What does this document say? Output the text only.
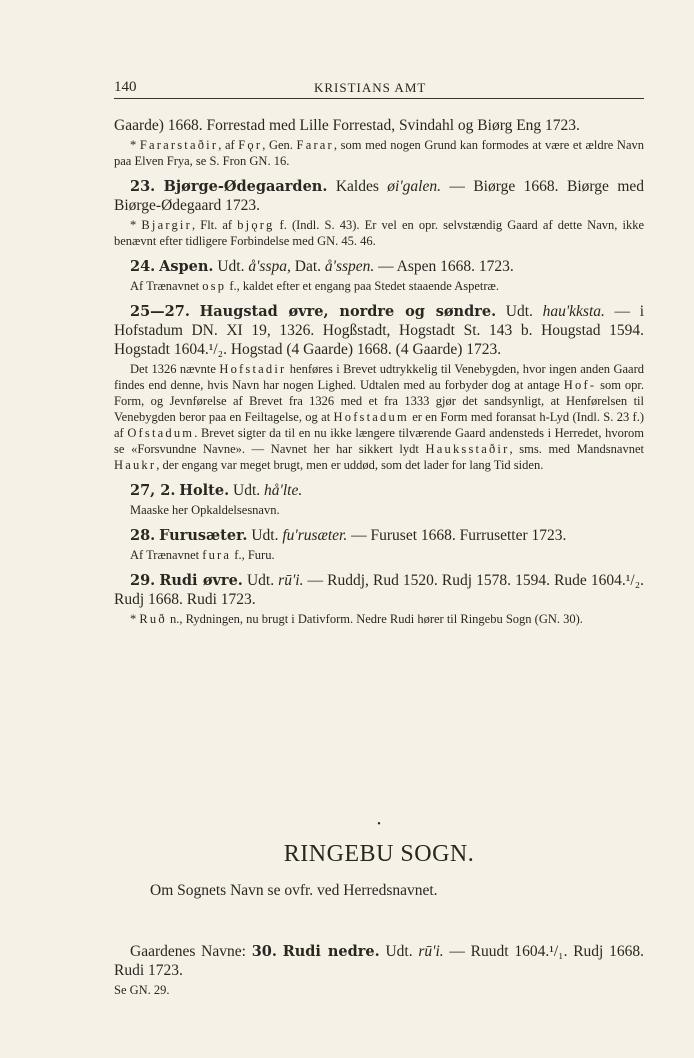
140	KRISTIANS AMT

Gaarde) 1668. Forrestad med Lille Forrestad, Svindahl og Biørg Eng 1723.

* Fararstaðir, af Fǫr, Gen. Farar, som med nogen Grund kan formodes at være et ældre Navn paa Elven Frya, se S. Fron GN. 16.

23. Bjørge-Ødegaarden. Kaldes øi'galen. — Biørge 1668. Biørge med Biørge-Ødegaard 1723.

* Bjargir, Flt. af bjǫrg f. (Indl. S. 43). Er vel en opr. selvstændig Gaard af dette Navn, ikke benævnt efter tidligere Forbindelse med GN. 45. 46.

24. Aspen. Udt. å'sspa, Dat. å'sspen. — Aspen 1668. 1723.

Af Trænavnet osp f., kaldet efter et engang paa Stedet staaende Aspetræ.

25—27. Haugstad øvre, nordre og søndre. Udt. hau'kksta. — i Hofstadum DN. XI 19, 1326. Hogßstadt, Hogstadt St. 143 b. Hougstad 1594. Hogstadt 1604.¹/₂. Hogstad (4 Gaarde) 1668. (4 Gaarde) 1723.

Det 1326 nævnte Hofstadir henføres i Brevet udtrykkelig til Venebygden, hvor ingen anden Gaard findes end denne, hvis Navn har nogen Lighed. Udtalen med au forbyder dog at antage Hof- som opr. Form, og Jevnførelse af Brevet fra 1326 med et fra 1333 gjør det sandsynligt, at Henførelsen til Venebygden beror paa en Feiltagelse, og at Hofstadum er en Form med foransat h-Lyd (Indl. S. 23 f.) af Ofstadum. Brevet sigter da til en nu ikke længere tilværende Gaard andensteds i Herredet, hvorom se «Forsvundne Navne». — Navnet her har sikkert lydt Hauksstaðir, sms. med Mandsnavnet Haukr, der engang var meget brugt, men er uddød, som det lader for lang Tid siden.

27, 2. Holte. Udt. hå'lte.

Maaske her Opkaldelsesnavn.

28. Furusæter. Udt. fu'rusæter. — Furuset 1668. Furrusetter 1723.

Af Trænavnet fura f., Furu.

29. Rudi øvre. Udt. rū'i. — Ruddj, Rud 1520. Rudj 1578. 1594. Rude 1604.¹/₂. Rudj 1668. Rudi 1723.

* Ruð n., Rydningen, nu brugt i Dativform. Nedre Rudi hører til Ringebu Sogn (GN. 30).

•
RINGEBU SOGN.

Om Sognets Navn se ovfr. ved Herredsnavnet.

Gaardenes Navne: 30. Rudi nedre. Udt. rū'i. — Ruudt 1604.¹/₁. Rudj 1668. Rudi 1723.

Se GN. 29.
